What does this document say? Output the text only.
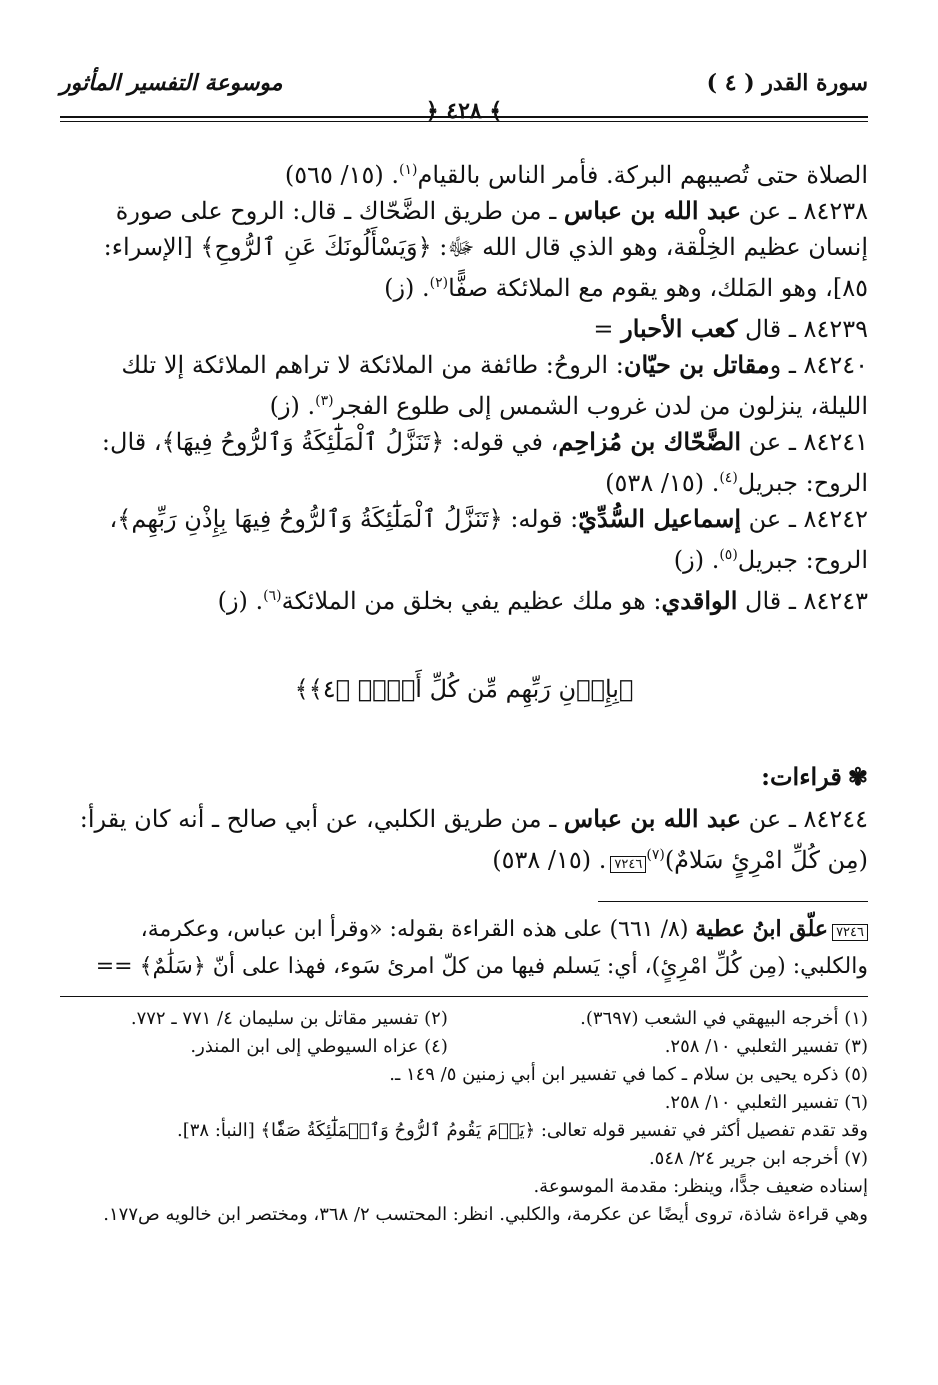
سورة القدر ( ٤ )
موسوعة التفسير المأثور
﴿ ٤٢٨ ﴾

الصلاة حتى تُصيبهم البركة. فأمر الناس بالقيام$^{(١)}$. (١٥/ ٥٦٥)

٨٤٢٣٨ ـ عن عبد الله بن عباس ـ من طريق الضَّحّاك ـ قال: الروح على صورة إنسان عظيم الخِلْقة، وهو الذي قال الله ﷻ: ﴿وَيَسْأَلُونَكَ عَنِ ٱلرُّوحِ﴾ [الإسراء: ٨٥]، وهو المَلك، وهو يقوم مع الملائكة صفًّا$^{(٢)}$. (ز)

٨٤٢٣٩ ـ قال كعب الأحبار =

٨٤٢٤٠ ـ ومقاتل بن حيّان: الروحُ: طائفة من الملائكة لا تراهم الملائكة إلا تلك الليلة، ينزلون من لدن غروب الشمس إلى طلوع الفجر$^{(٣)}$. (ز)

٨٤٢٤١ ـ عن الضَّحّاك بن مُزاحِم، في قوله: ﴿تَنَزَّلُ ٱلْمَلَٰٓئِكَةُ وَٱلرُّوحُ فِيهَا﴾، قال: الروح: جبريل$^{(٤)}$. (١٥/ ٥٣٨)

٨٤٢٤٢ ـ عن إسماعيل السُّدِّيّ: قوله: ﴿تَنَزَّلُ ٱلْمَلَٰٓئِكَةُ وَٱلرُّوحُ فِيهَا بِإِذْنِ رَبِّهِم﴾، الروح: جبريل$^{(٥)}$. (ز)

٨٤٢٤٣ ـ قال الواقدي: هو ملك عظيم يفي بخلق من الملائكة$^{(٦)}$. (ز)

﴿بِإِذۡنِ رَبِّهِم مِّن كُلِّ أَمۡرٖ ﴿٤﴾﴾
✾قراءات:

٨٤٢٤٤ ـ عن عبد الله بن عباس ـ من طريق الكلبي، عن أبي صالح ـ أنه كان يقرأ: (مِن كُلِّ امْرِئٍ سَلامٌ)$^{(٧)}$٧٢٤٦. (١٥/ ٥٣٨)

٧٢٤٦علّق ابنُ عطية (٨/ ٦٦١) على هذه القراءة بقوله: «وقرأ ابن عباس، وعكرمة، والكلبي: (مِن كُلِّ امْرِئٍ)، أي: يَسلم فيها من كلّ امرئ سَوء، فهذا على أنّ ﴿سَلَٰمٌ﴾ ==
(١) أخرجه البيهقي في الشعب (٣٦٩٧).	(٢) تفسير مقاتل بن سليمان ٤/ ٧٧١ ـ ٧٧٢.
(٣) تفسير الثعلبي ١٠/ ٢٥٨.	(٤) عزاه السيوطي إلى ابن المنذر.
(٥) ذكره يحيى بن سلام ـ كما في تفسير ابن أبي زمنين ٥/ ١٤٩ ـ.
(٦) تفسير الثعلبي ١٠/ ٢٥٨.
وقد تقدم تفصيل أكثر في تفسير قوله تعالى: ﴿يَوۡمَ يَقُومُ ٱلرُّوحُ وَٱلۡمَلَٰٓئِكَةُ صَفّٗا﴾ [النبأ: ٣٨].
(٧) أخرجه ابن جرير ٢٤/ ٥٤٨.
إسناده ضعيف جدًّا، وينظر: مقدمة الموسوعة.
وهي قراءة شاذة، تروى أيضًا عن عكرمة، والكلبي. انظر: المحتسب ٢/ ٣٦٨، ومختصر ابن خالويه ص١٧٧.
